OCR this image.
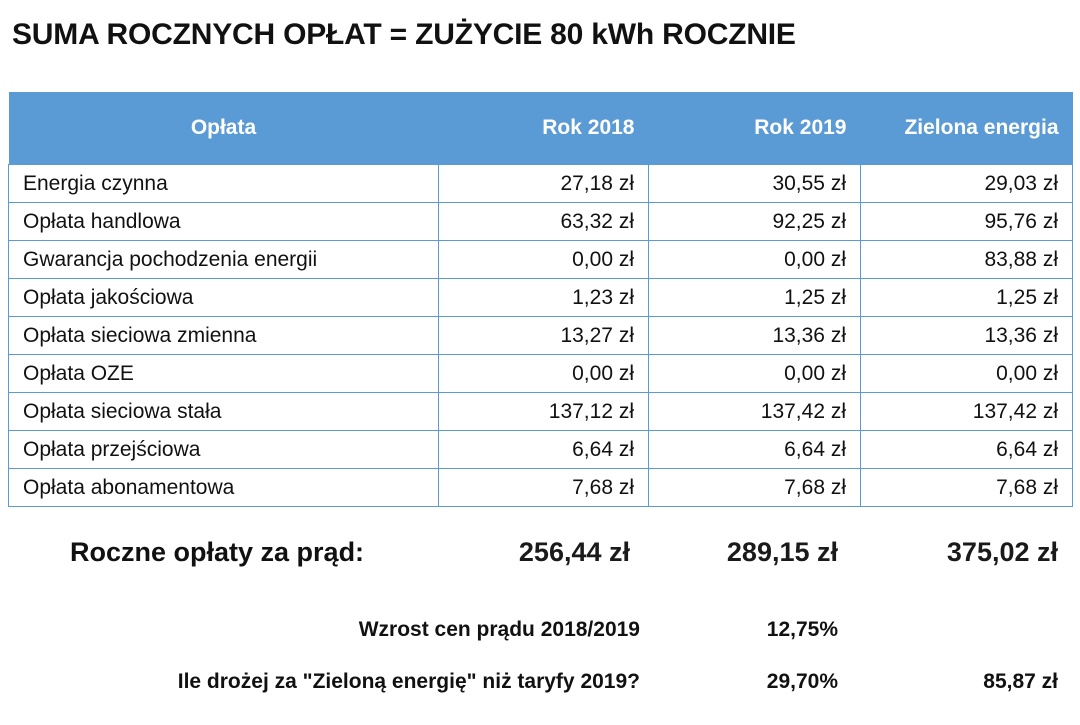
SUMA ROCZNYCH OPŁAT = ZUŻYCIE 80 kWh ROCZNIE
Opłata	Rok 2018	Rok 2019	Zielona energia
Energia czynna	27,18 zł	30,55 zł	29,03 zł
Opłata handlowa	63,32 zł	92,25 zł	95,76 zł
Gwarancja pochodzenia energii	0,00 zł	0,00 zł	83,88 zł
Opłata jakościowa	1,23 zł	1,25 zł	1,25 zł
Opłata sieciowa zmienna	13,27 zł	13,36 zł	13,36 zł
Opłata OZE	0,00 zł	0,00 zł	0,00 zł
Opłata sieciowa stała	137,12 zł	137,42 zł	137,42 zł
Opłata przejściowa	6,64 zł	6,64 zł	6,64 zł
Opłata abonamentowa	7,68 zł	7,68 zł	7,68 zł
Roczne opłaty za prąd:	256,44 zł	289,15 zł	375,02 zł
Wzrost cen prądu 2018/2019	12,75%
Ile drożej za "Zieloną energię" niż taryfy 2019?	29,70%	85,87 zł
